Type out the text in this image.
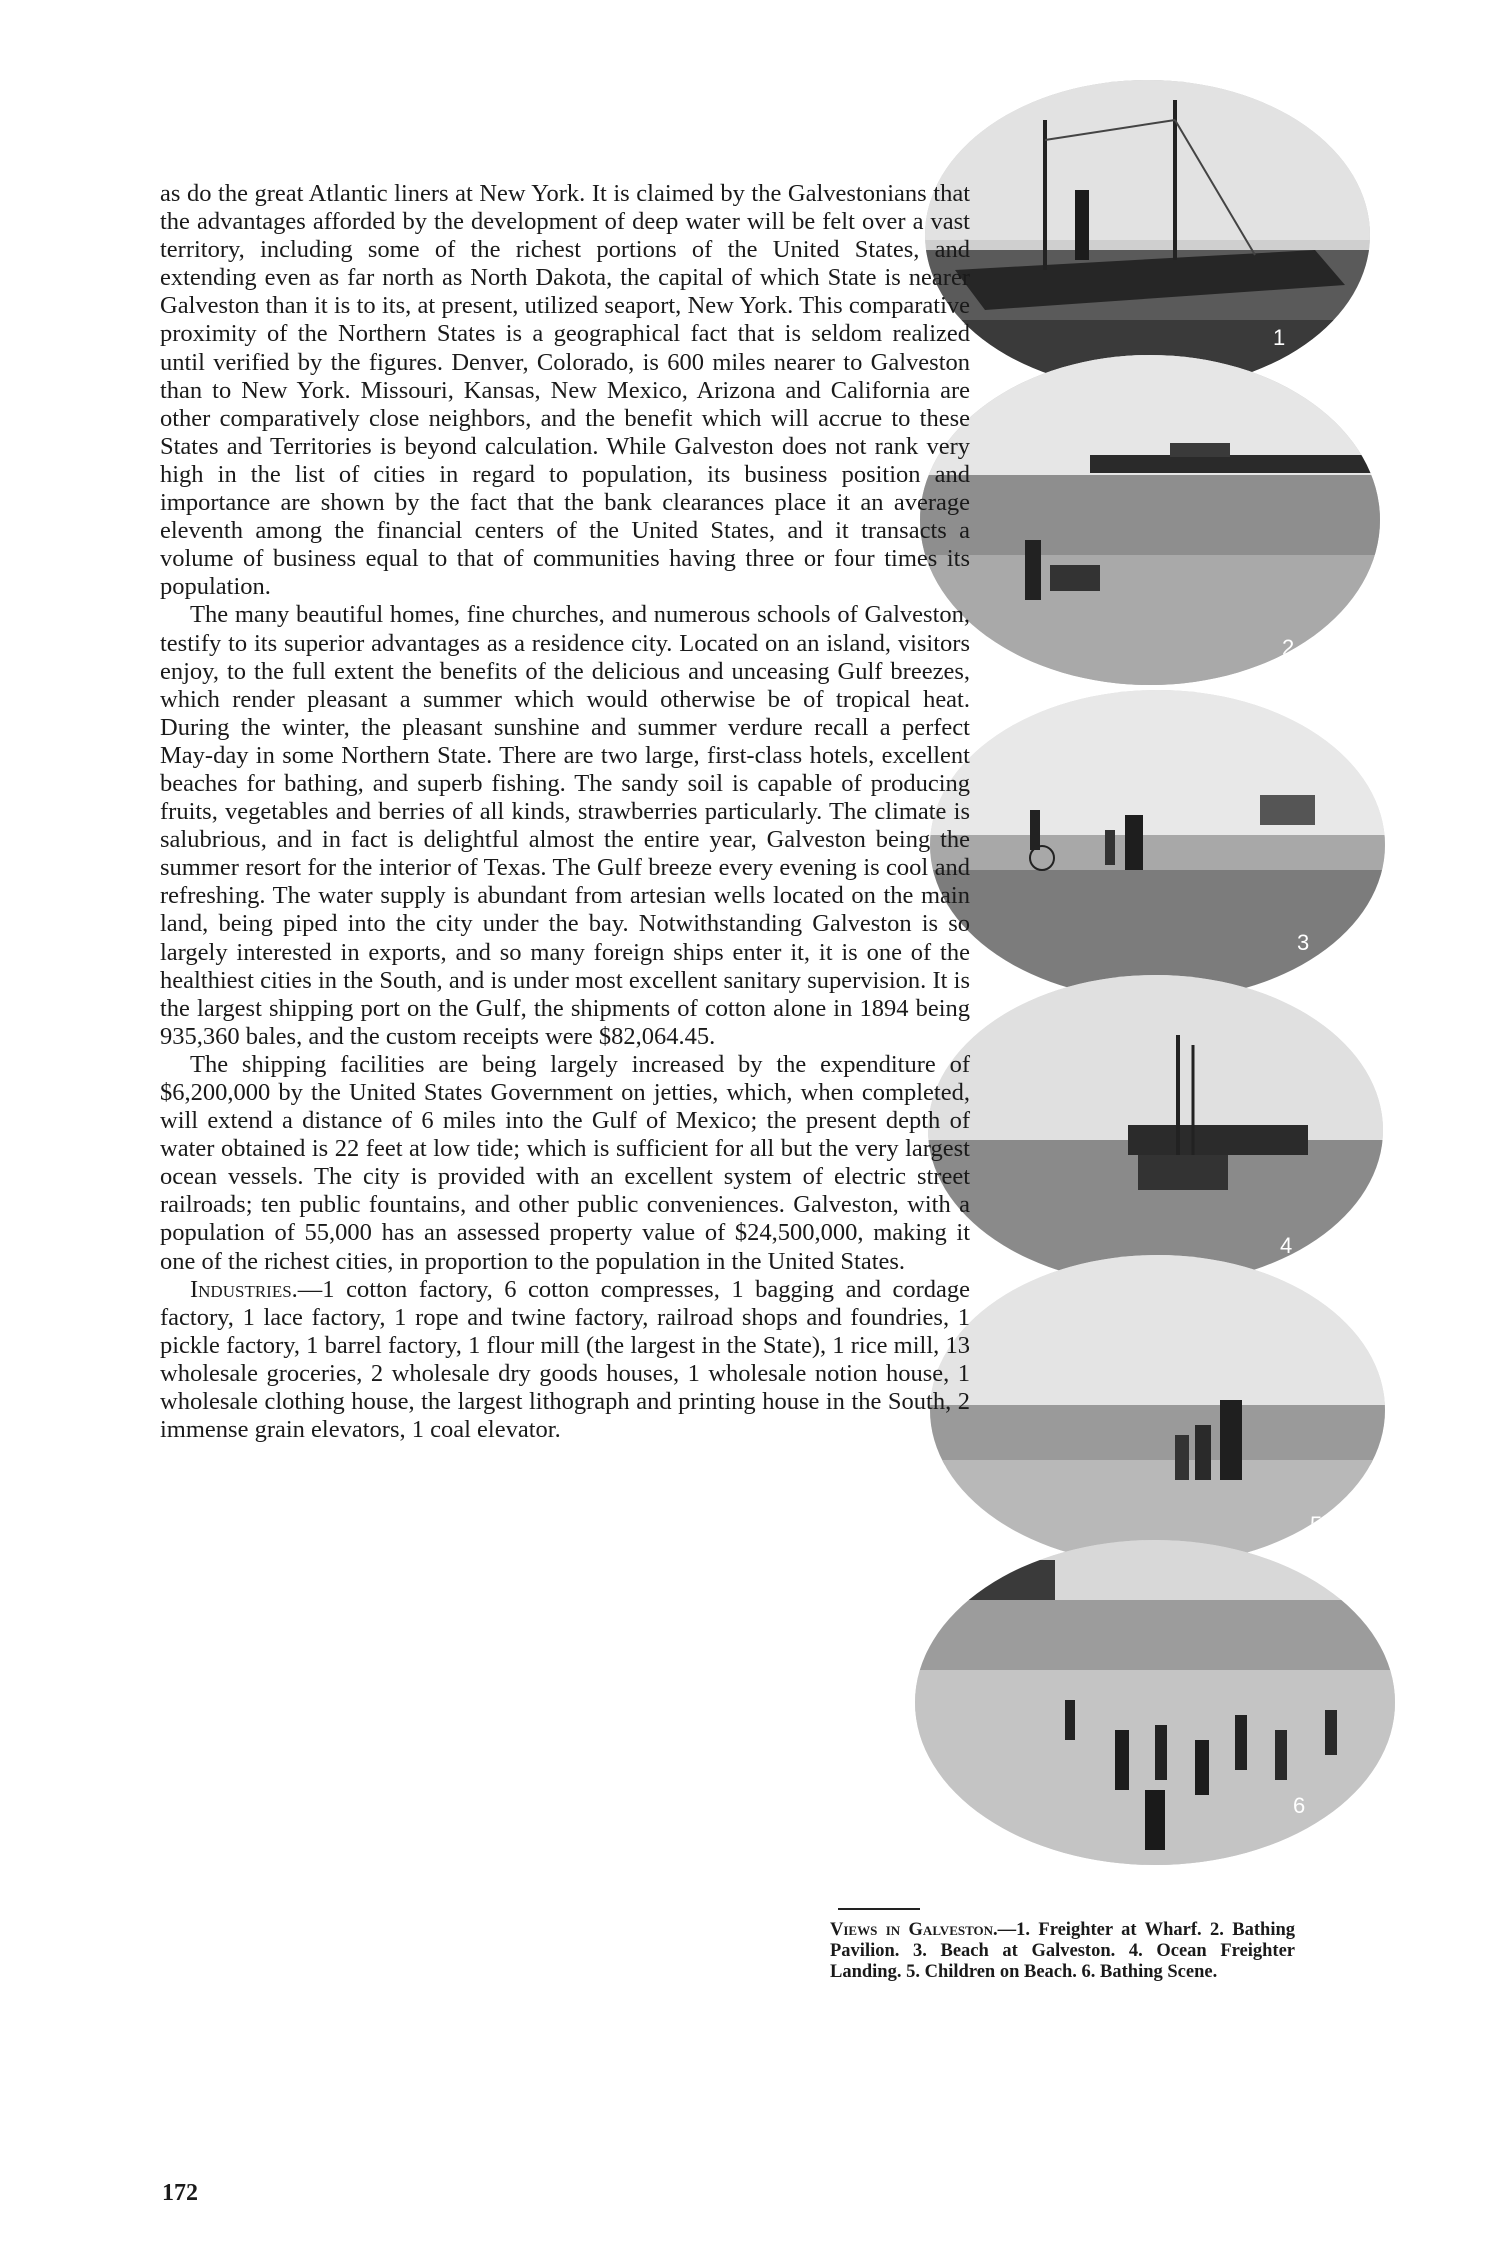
1
2
3
4
5
6

as do the great Atlantic liners at New York. It is claimed by the Galvestonians that the advantages afforded by the development of deep water will be felt over a vast territory, including some of the richest portions of the United States, and extending even as far north as North Dakota, the capital of which State is nearer Galveston than it is to its, at present, utilized seaport, New York. This comparative proximity of the Northern States is a geographical fact that is seldom realized until verified by the figures. Denver, Colorado, is 600 miles nearer to Galveston than to New York. Missouri, Kansas, New Mexico, Arizona and California are other comparatively close neighbors, and the benefit which will accrue to these States and Territories is beyond calculation. While Galveston does not rank very high in the list of cities in regard to population, its business position and importance are shown by the fact that the bank clearances place it an average eleventh among the financial centers of the United States, and it transacts a volume of business equal to that of communities having three or four times its population.

The many beautiful homes, fine churches, and numerous schools of Galveston, testify to its superior advantages as a residence city. Located on an island, visitors enjoy, to the full extent the benefits of the delicious and unceasing Gulf breezes, which render pleasant a summer which would otherwise be of tropical heat. During the winter, the pleasant sunshine and summer verdure recall a perfect May-day in some Northern State. There are two large, first-class hotels, excellent beaches for bathing, and superb fishing. The sandy soil is capable of producing fruits, vegetables and berries of all kinds, strawberries particularly. The climate is salubrious, and in fact is delightful almost the entire year, Galveston being the summer resort for the interior of Texas. The Gulf breeze every evening is cool and refreshing. The water supply is abundant from artesian wells located on the main land, being piped into the city under the bay. Notwithstanding Galveston is so largely interested in exports, and so many foreign ships enter it, it is one of the healthiest cities in the South, and is under most excellent sanitary supervision. It is the largest shipping port on the Gulf, the shipments of cotton alone in 1894 being 935,360 bales, and the custom receipts were $82,064.45.

The shipping facilities are being largely increased by the expenditure of $6,200,000 by the United States Government on jetties, which, when completed, will extend a distance of 6 miles into the Gulf of Mexico; the present depth of water obtained is 22 feet at low tide; which is sufficient for all but the very largest ocean vessels. The city is provided with an excellent system of electric street railroads; ten public fountains, and other public conveniences. Galveston, with a population of 55,000 has an assessed property value of $24,500,000, making it one of the richest cities, in proportion to the population in the United States.

Industries.—1 cotton factory, 6 cotton compresses, 1 bagging and cordage factory, 1 lace factory, 1 rope and twine factory, railroad shops and foundries, 1 pickle factory, 1 barrel factory, 1 flour mill (the largest in the State), 1 rice mill, 13 wholesale groceries, 2 wholesale dry goods houses, 1 wholesale notion house, 1 wholesale clothing house, the largest lithograph and printing house in the South, 2 immense grain elevators, 1 coal elevator.

Views in Galveston.—1. Freighter at Wharf. 2. Bathing Pavilion. 3. Beach at Galveston. 4. Ocean Freighter Landing. 5. Children on Beach. 6. Bathing Scene.
172
